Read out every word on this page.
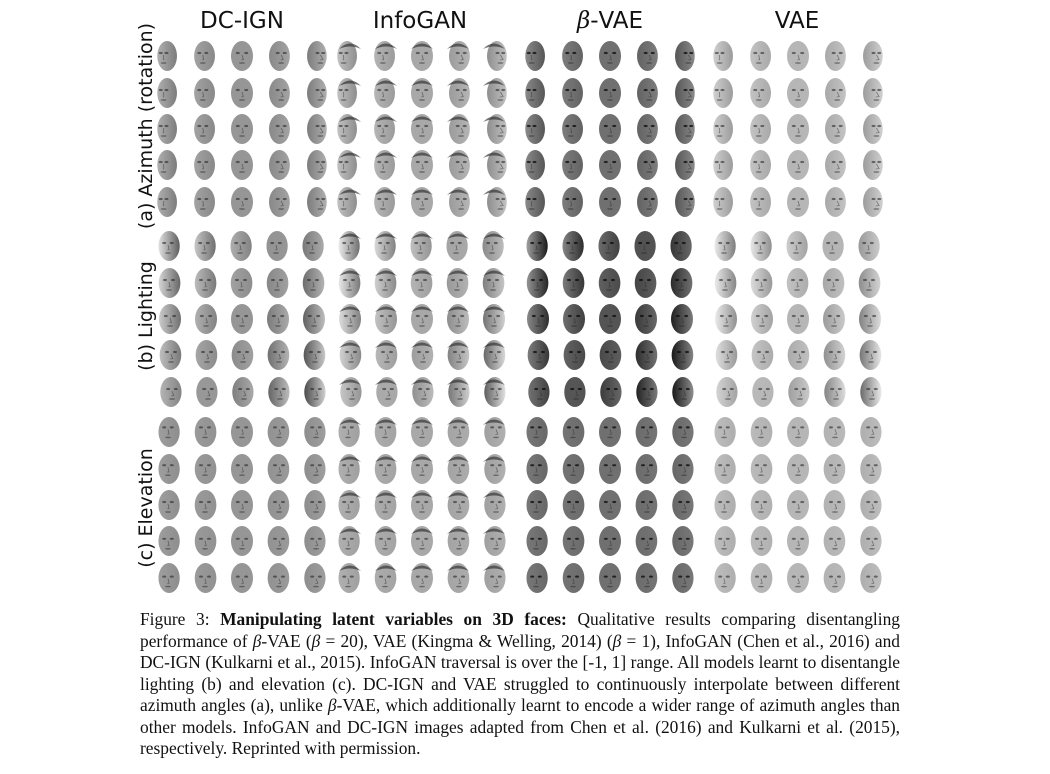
DC-IGN	InfoGAN	β-VAE	VAE
(a) Azimuth (rotation)
(b) Lighting
(c) Elevation
Figure 3: Manipulating latent variables on 3D faces: Qualitative results comparing disentangling performance of β-VAE (β = 20), VAE (Kingma & Welling, 2014) (β = 1), InfoGAN (Chen et al., 2016) and DC-IGN (Kulkarni et al., 2015). InfoGAN traversal is over the [-1, 1] range. All models learnt to disentangle lighting (b) and elevation (c). DC-IGN and VAE struggled to continuously interpolate between different azimuth angles (a), unlike β-VAE, which additionally learnt to encode a wider range of azimuth angles than other models. InfoGAN and DC-IGN images adapted from Chen et al. (2016) and Kulkarni et al. (2015), respectively. Reprinted with permission.
